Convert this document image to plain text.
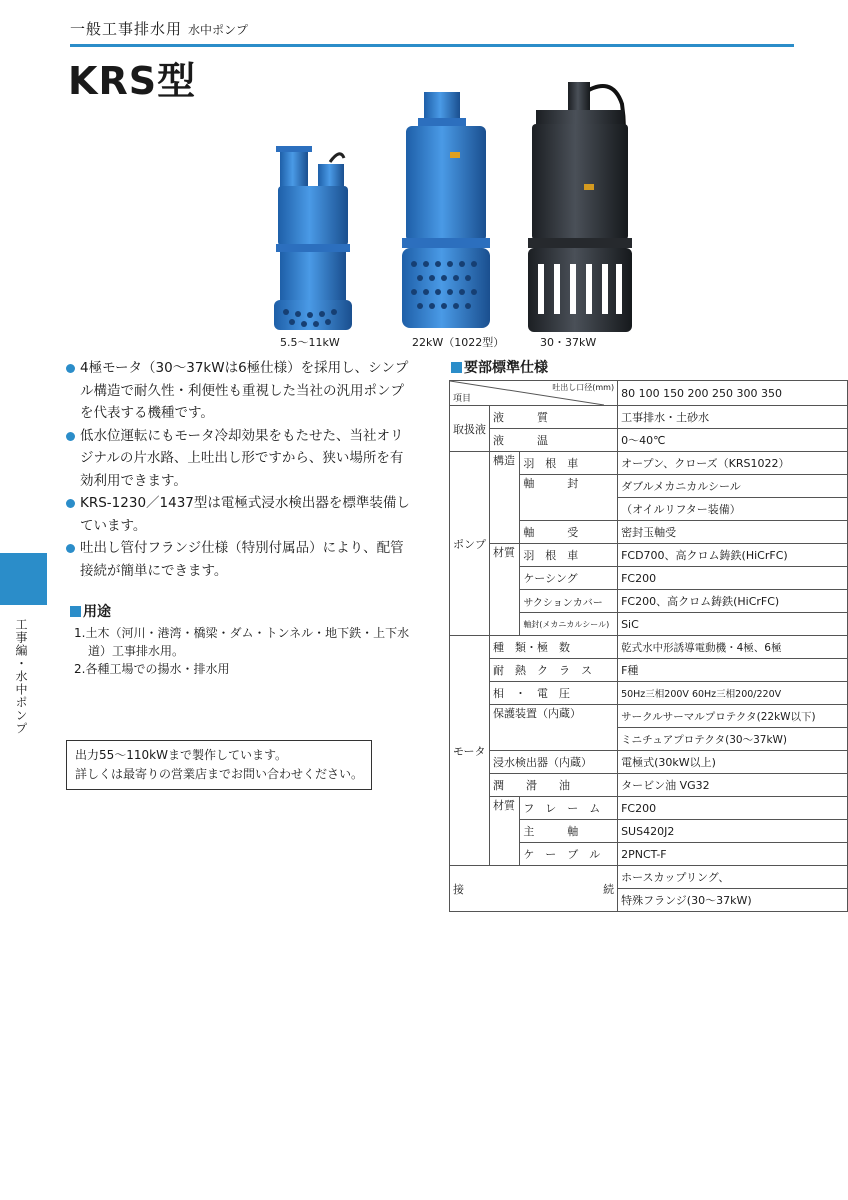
一般工事排水用 水中ポンプ
KRS型
5.5～11kW	22kW（1022型）	30・37kW
4極モータ（30～37kWは6極仕様）を採用し、シンプル構造で耐久性・利便性も重視した当社の汎用ポンプを代表する機種です。
低水位運転にもモータ冷却効果をもたせた、当社オリジナルの片水路、上吐出し形ですから、狭い場所を有効利用できます。
KRS-1230／1437型は電極式浸水検出器を標準装備しています。
吐出し管付フランジ仕様（特別付属品）により、配管接続が簡単にできます。
用途
1.土木（河川・港湾・橋梁・ダム・トンネル・地下鉄・上下水道）工事排水用。
2.各種工場での揚水・排水用
出力55～110kWまで製作しています。
詳しくは最寄りの営業店までお問い合わせください。
工事編・水中ポンプ
要部標準仕様
吐出し口径(mm)
項目			80 100 150 200 250 300 350
取扱液	液　　　質		工事排水・土砂水
	液　　　温		0～40℃
ポンプ	構造	羽　根　車	オープン、クローズ（KRS1022）
		軸　　　封	ダブルメカニカルシール
			（オイルリフター装備）
		軸　　　受	密封玉軸受
	材質	羽　根　車	FCD700、高クロム鋳鉄(HiCrFC)
		ケーシング	FC200
		サクションカバー	FC200、高クロム鋳鉄(HiCrFC)
		軸封(メカニカルシール)	SiC
モータ	種　類・極　数		乾式水中形誘導電動機・4極、6極
	耐　熱　ク　ラ　ス		F種
	相　・　電　圧		50Hz三相200V 60Hz三相200/220V
	保護装置（内蔵）		サークルサーマルプロテクタ(22kW以下)
			ミニチュアプロテクタ(30～37kW)
	浸水検出器（内蔵）		電極式(30kW以上)
	潤　　滑　　油		タービン油 VG32
	材質	フ　レ　ー　ム	FC200
		主　　　軸	SUS420J2
		ケ　ー　ブ　ル	2PNCT-F

接 続			ホースカップリング、
			特殊フランジ(30～37kW)
